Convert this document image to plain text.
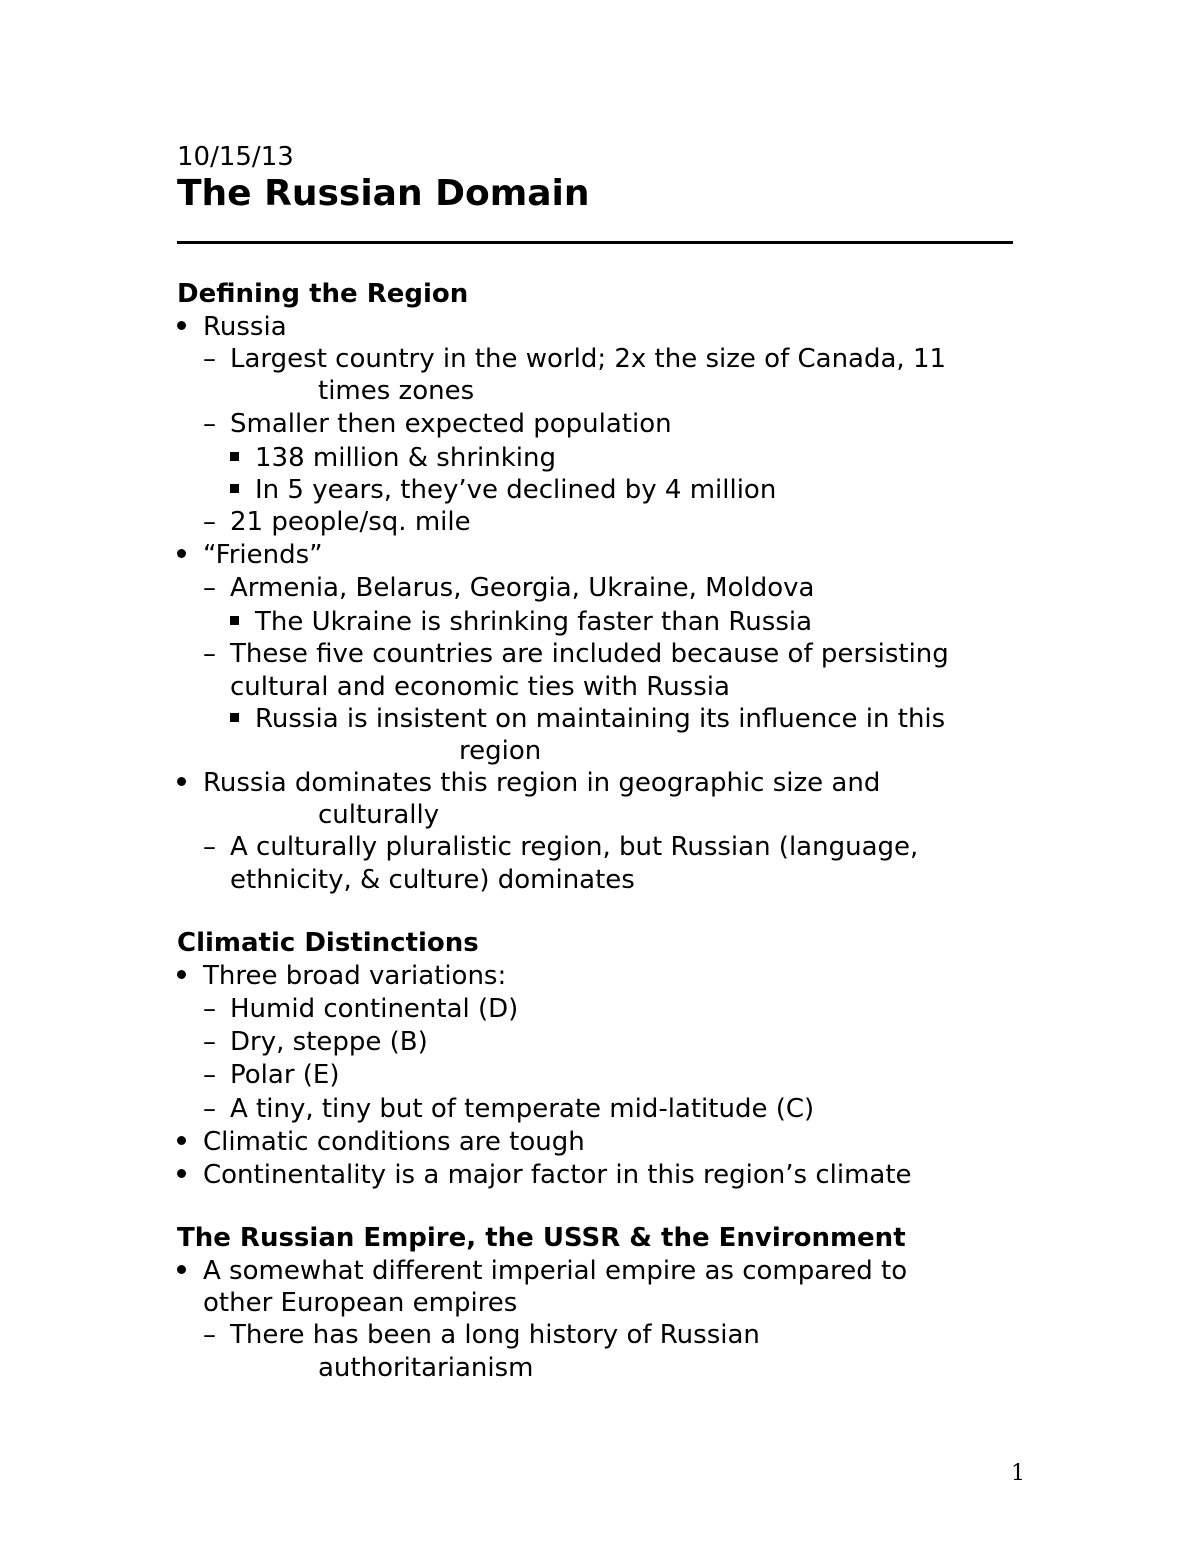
10/15/13
The Russian Domain
Defining the Region
Russia
– Largest country in the world; 2x the size of Canada, 11
times zones
– Smaller then expected population
138 million & shrinking
In 5 years, they’ve declined by 4 million
– 21 people/sq. mile
“Friends”
– Armenia, Belarus, Georgia, Ukraine, Moldova
The Ukraine is shrinking faster than Russia
– These five countries are included because of persisting
cultural and economic ties with Russia
Russia is insistent on maintaining its influence in this
region
Russia dominates this region in geographic size and
culturally
– A culturally pluralistic region, but Russian (language,
ethnicity, & culture) dominates
Climatic Distinctions
Three broad variations:
– Humid continental (D)
– Dry, steppe (B)
– Polar (E)
– A tiny, tiny but of temperate mid-latitude (C)
Climatic conditions are tough
Continentality is a major factor in this region’s climate
The Russian Empire, the USSR & the Environment
A somewhat different imperial empire as compared to
other European empires
– There has been a long history of Russian
authoritarianism
1
